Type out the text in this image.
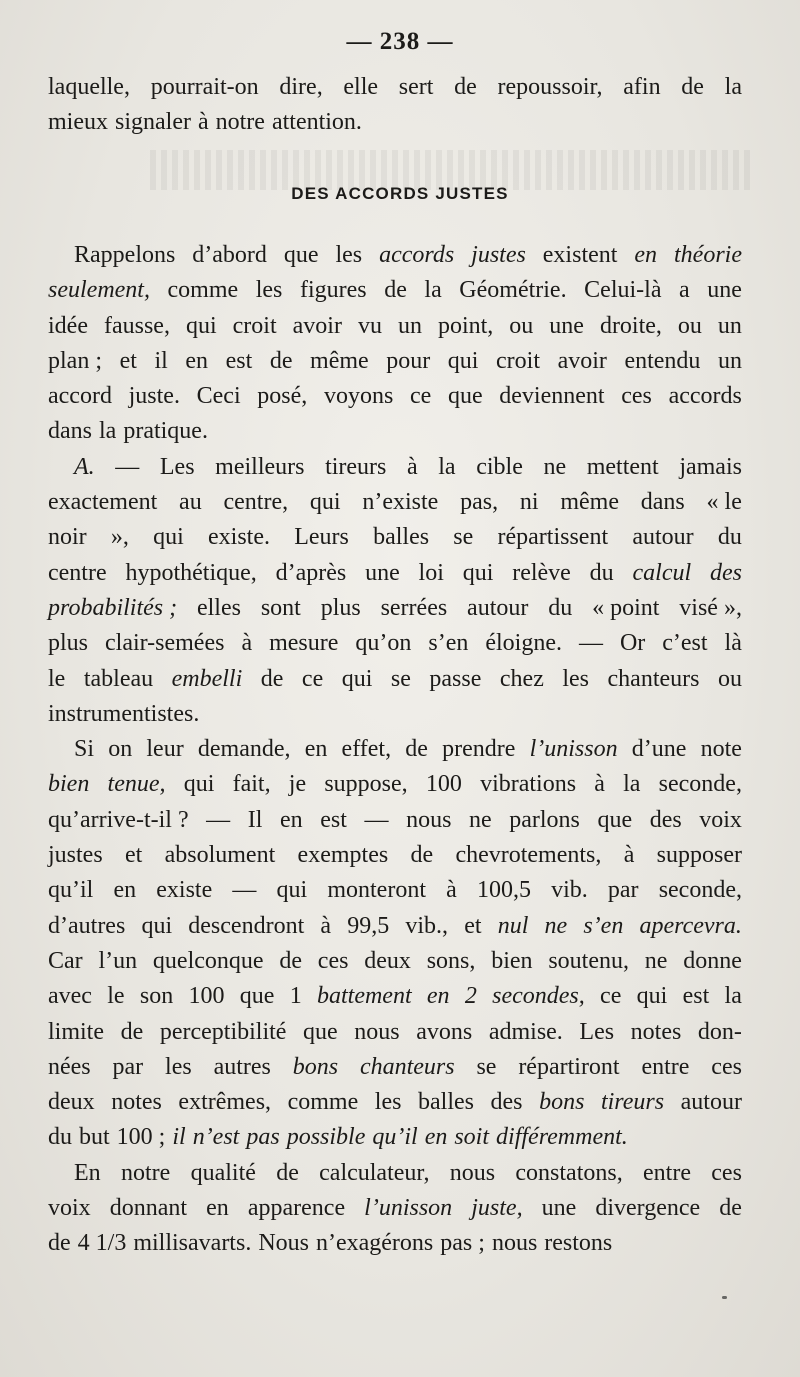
— 238 —
laquelle, pourrait-on dire, elle sert de repoussoir, afin de la
mieux signaler à notre attention.
DES ACCORDS JUSTES
Rappelons d’abord que les accords justes existent en théorie
seulement, comme les figures de la Géométrie. Celui-là a une
idée fausse, qui croit avoir vu un point, ou une droite, ou un
plan ; et il en est de même pour qui croit avoir entendu un
accord juste. Ceci posé, voyons ce que deviennent ces accords
dans la pratique.
A. — Les meilleurs tireurs à la cible ne mettent jamais
exactement au centre, qui n’existe pas, ni même dans « le
noir », qui existe. Leurs balles se répartissent autour du
centre hypothétique, d’après une loi qui relève du calcul des
probabilités ; elles sont plus serrées autour du « point visé »,
plus clair-semées à mesure qu’on s’en éloigne. — Or c’est là
le tableau embelli de ce qui se passe chez les chanteurs ou
instrumentistes.
Si on leur demande, en effet, de prendre l’unisson d’une note
bien tenue, qui fait, je suppose, 100 vibrations à la seconde,
qu’arrive-t-il ? — Il en est — nous ne parlons que des voix
justes et absolument exemptes de chevrotements, à supposer
qu’il en existe — qui monteront à 100,5 vib. par seconde,
d’autres qui descendront à 99,5 vib., et nul ne s’en apercevra.
Car l’un quelconque de ces deux sons, bien soutenu, ne donne
avec le son 100 que 1 battement en 2 secondes, ce qui est la
limite de perceptibilité que nous avons admise. Les notes don-
nées par les autres bons chanteurs se répartiront entre ces
deux notes extrêmes, comme les balles des bons tireurs autour
du but 100 ; il n’est pas possible qu’il en soit différemment.
En notre qualité de calculateur, nous constatons, entre ces
voix donnant en apparence l’unisson juste, une divergence de
de 4 1/3 millisavarts. Nous n’exagérons pas ; nous restons
